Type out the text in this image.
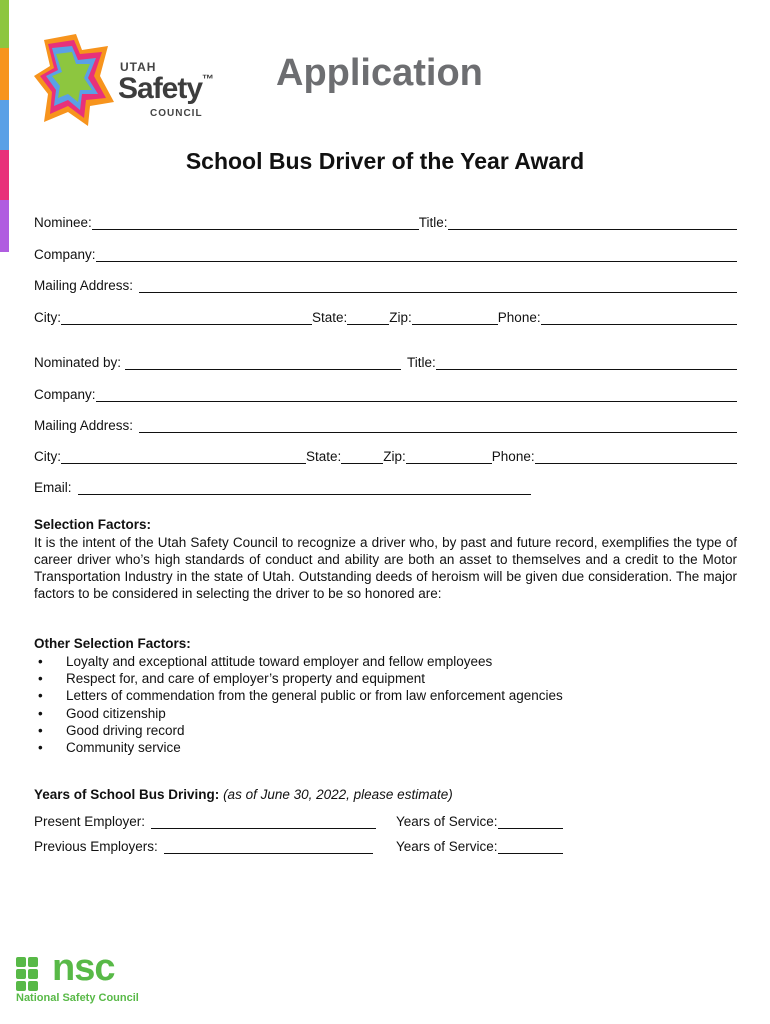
UTAH
Safety™
COUNCIL
Application
School Bus Driver of the Year Award
Nominee:	Title:
Company:
Mailing Address:
City:	State:	Zip:	Phone:
Nominated by:	Title:
Company:
Mailing Address:
City:	State:	Zip:	Phone:
Email:
Selection Factors:
It is the intent of the Utah Safety Council to recognize a driver who, by past and future record, exemplifies the type of career driver who’s high standards of conduct and ability are both an asset to themselves and a credit to the Motor Transportation Industry in the state of Utah. Outstanding deeds of heroism will be given due consideration. The major factors to be considered in selecting the driver to be so honored are:
Other Selection Factors:
•	Loyalty and exceptional attitude toward employer and fellow employees
•	Respect for, and care of employer’s property and equipment
•	Letters of commendation from the general public or from law enforcement agencies
•	Good citizenship
•	Good driving record
•	Community service
Years of School Bus Driving: (as of June 30, 2022, please estimate)
Present Employer:	Years of Service:
Previous Employers:	Years of Service:
nsc
National Safety Council
